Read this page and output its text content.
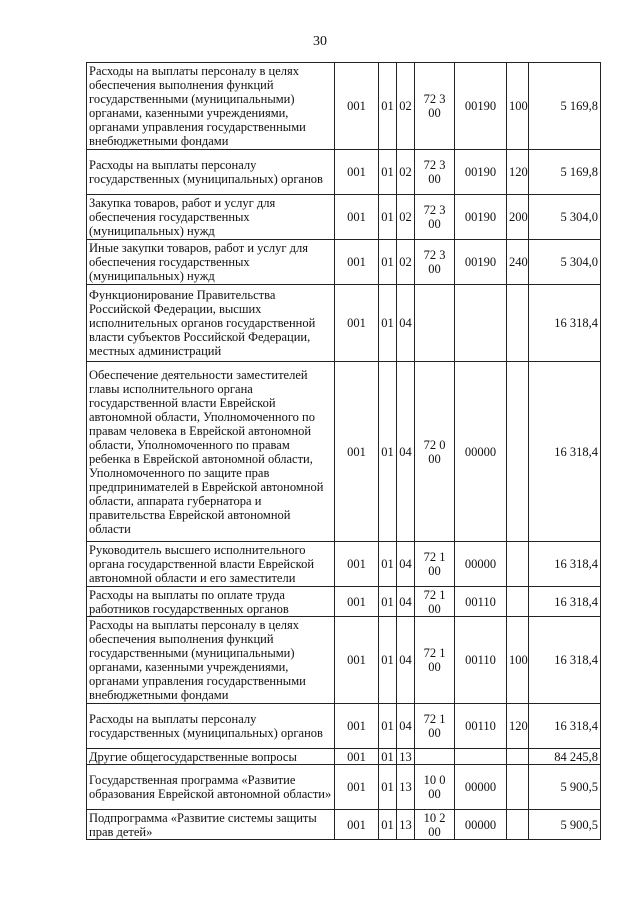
30
Расходы на выплаты персоналу в целях обеспечения выполнения функций государственными (муниципальными) органами, казенными учреждениями, органами управления государственными внебюджетными фондами	001	01	02	72 3 00	00190	100	5 169,8
Расходы на выплаты персоналу государственных (муниципальных) органов	001	01	02	72 3 00	00190	120	5 169,8
Закупка товаров, работ и услуг для обеспечения государственных (муниципальных) нужд	001	01	02	72 3 00	00190	200	5 304,0
Иные закупки товаров, работ и услуг для обеспечения государственных (муниципальных) нужд	001	01	02	72 3 00	00190	240	5 304,0
Функционирование Правительства Российской Федерации, высших исполнительных органов государственной власти субъектов Российской Федерации, местных администраций	001	01	04				16 318,4
Обеспечение деятельности заместителей главы исполнительного органа государственной власти Еврейской автономной области, Уполномоченного по правам человека в Еврейской автономной области, Уполномоченного по правам ребенка в Еврейской автономной области, Уполномоченного по защите прав предпринимателей в Еврейской автономной области, аппарата губернатора и правительства Еврейской автономной области	001	01	04	72 0 00	00000		16 318,4
Руководитель высшего исполнительного органа государственной власти Еврейской автономной области и его заместители	001	01	04	72 1 00	00000		16 318,4
Расходы на выплаты по оплате труда работников государственных органов	001	01	04	72 1 00	00110		16 318,4
Расходы на выплаты персоналу в целях обеспечения выполнения функций государственными (муниципальными) органами, казенными учреждениями, органами управления государственными внебюджетными фондами	001	01	04	72 1 00	00110	100	16 318,4
Расходы на выплаты персоналу государственных (муниципальных) органов	001	01	04	72 1 00	00110	120	16 318,4
Другие общегосударственные вопросы	001	01	13				84 245,8
Государственная программа «Развитие образования Еврейской автономной области»	001	01	13	10 0 00	00000		5 900,5
Подпрограмма «Развитие системы защиты прав детей»	001	01	13	10 2 00	00000		5 900,5
